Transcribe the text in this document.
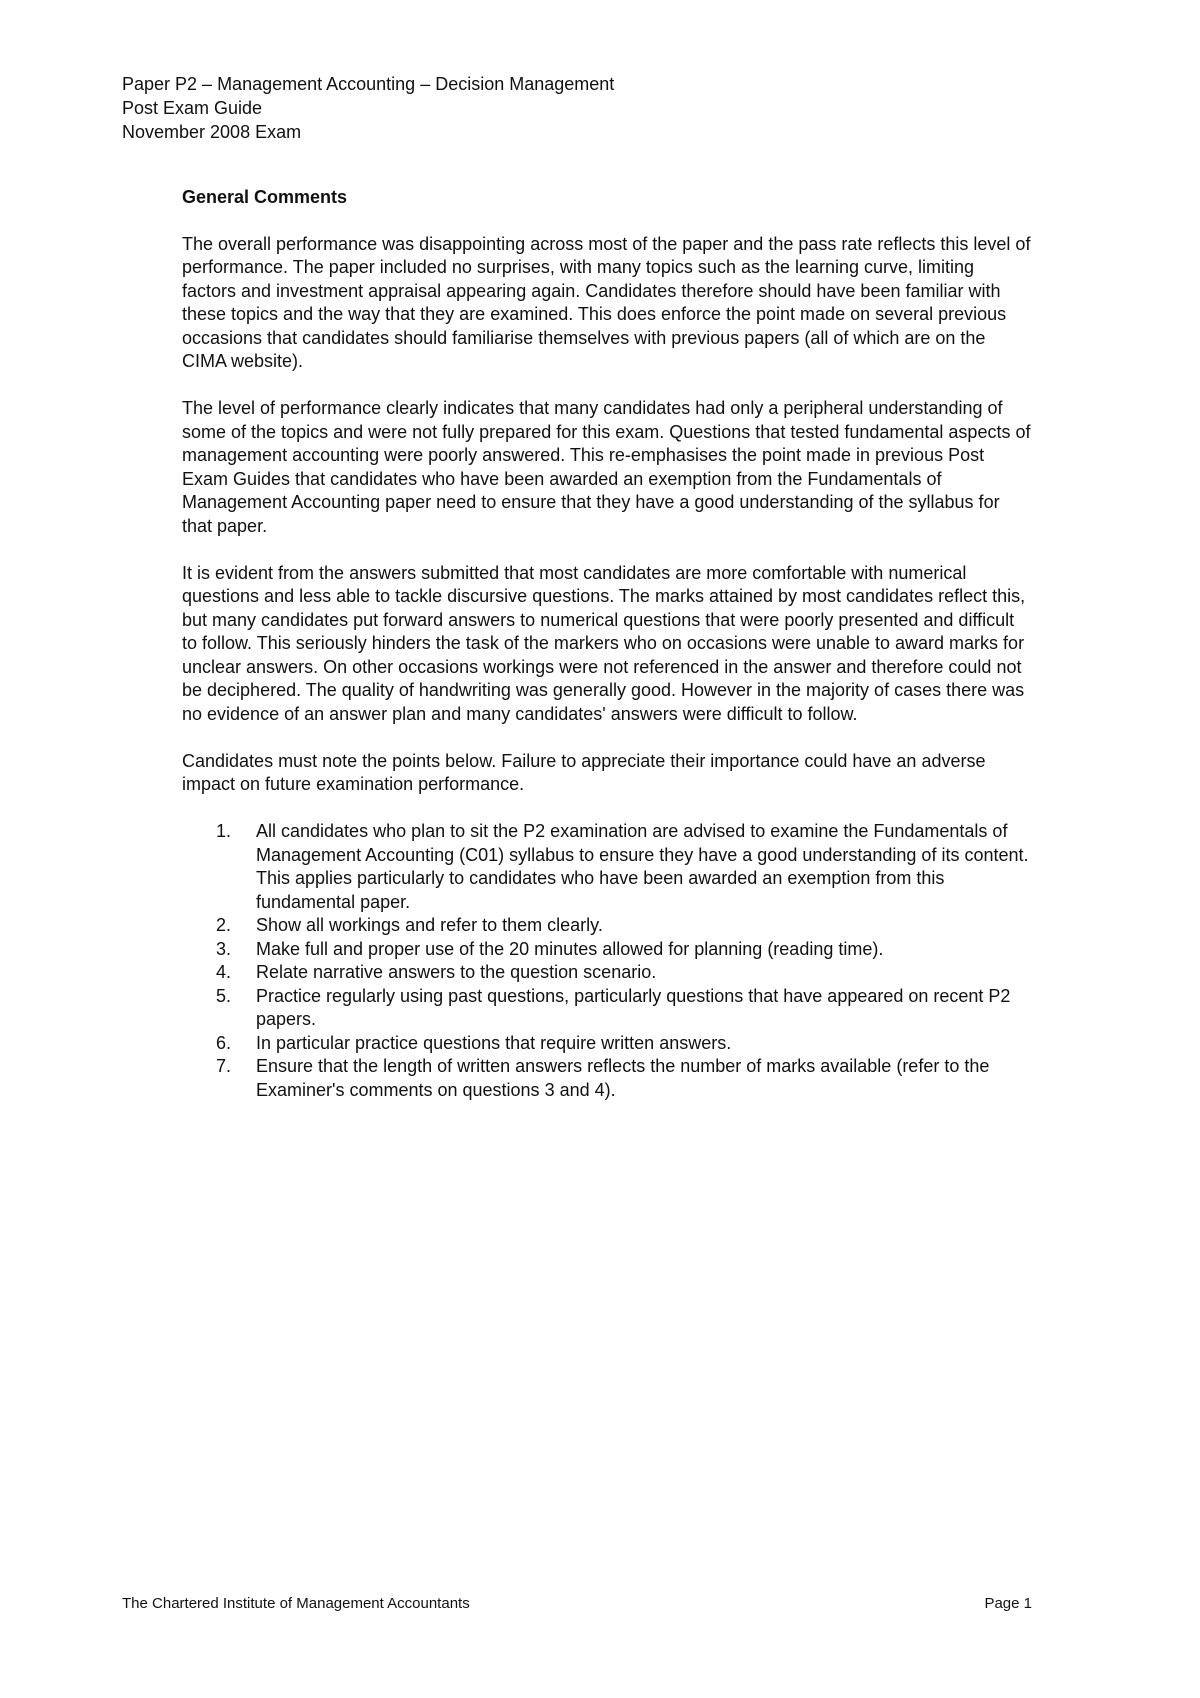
Paper P2 – Management Accounting – Decision Management
Post Exam Guide
November 2008 Exam
General Comments

The overall performance was disappointing across most of the paper and the pass rate reflects this level of performance. The paper included no surprises, with many topics such as the learning curve, limiting factors and investment appraisal appearing again. Candidates therefore should have been familiar with these topics and the way that they are examined. This does enforce the point made on several previous occasions that candidates should familiarise themselves with previous papers (all of which are on the CIMA website).

The level of performance clearly indicates that many candidates had only a peripheral understanding of some of the topics and were not fully prepared for this exam. Questions that tested fundamental aspects of management accounting were poorly answered. This re-emphasises the point made in previous Post Exam Guides that candidates who have been awarded an exemption from the Fundamentals of Management Accounting paper need to ensure that they have a good understanding of the syllabus for that paper.

It is evident from the answers submitted that most candidates are more comfortable with numerical questions and less able to tackle discursive questions. The marks attained by most candidates reflect this, but many candidates put forward answers to numerical questions that were poorly presented and difficult to follow. This seriously hinders the task of the markers who on occasions were unable to award marks for unclear answers. On other occasions workings were not referenced in the answer and therefore could not be deciphered. The quality of handwriting was generally good. However in the majority of cases there was no evidence of an answer plan and many candidates' answers were difficult to follow.

Candidates must note the points below. Failure to appreciate their importance could have an adverse impact on future examination performance.

1. All candidates who plan to sit the P2 examination are advised to examine the Fundamentals of Management Accounting (C01) syllabus to ensure they have a good understanding of its content. This applies particularly to candidates who have been awarded an exemption from this fundamental paper.
2. Show all workings and refer to them clearly.
3. Make full and proper use of the 20 minutes allowed for planning (reading time).
4. Relate narrative answers to the question scenario.
5. Practice regularly using past questions, particularly questions that have appeared on recent P2 papers.
6. In particular practice questions that require written answers.
7. Ensure that the length of written answers reflects the number of marks available (refer to the Examiner's comments on questions 3 and 4).
The Chartered Institute of Management Accountants	Page 1
